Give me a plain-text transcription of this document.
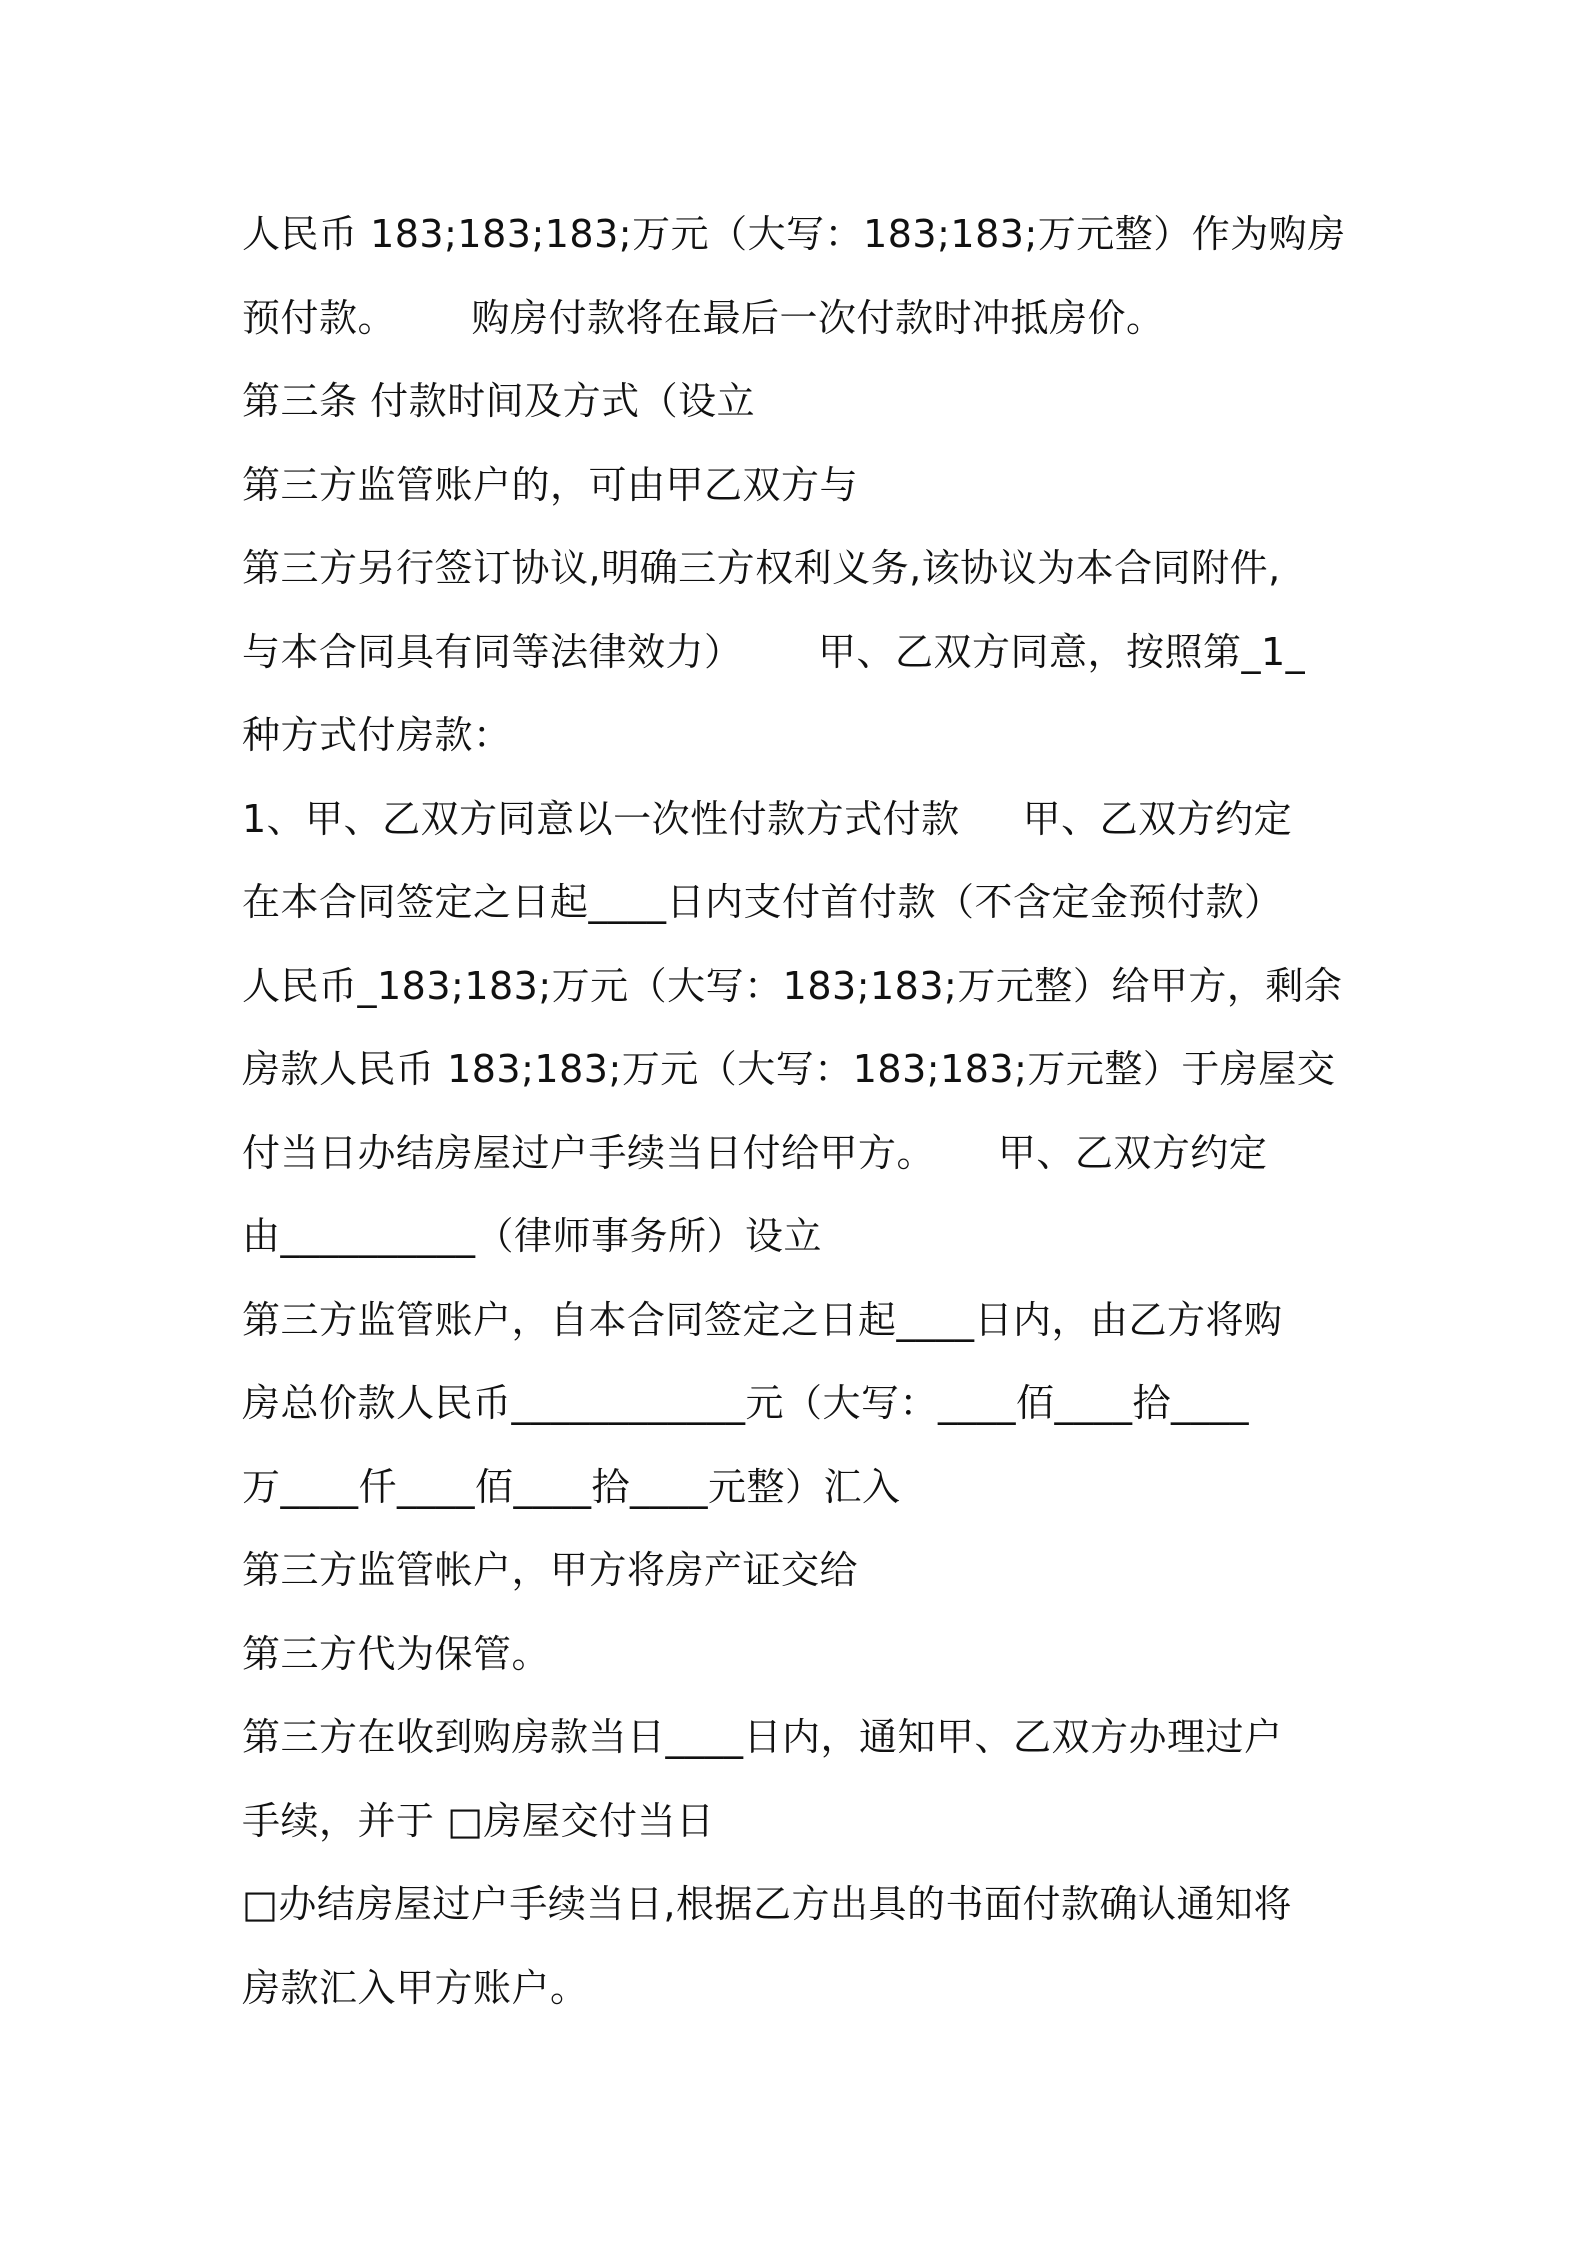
人民币 183;183;183;万元（大写：183;183;万元整）作为购房
预付款。      购房付款将在最后一次付款时冲抵房价。
第三条 付款时间及方式（设立
第三方监管账户的，可由甲乙双方与
第三方另行签订协议,明确三方权利义务,该协议为本合同附件,
与本合同具有同等法律效力）      甲、乙双方同意，按照第_1_
种方式付房款：
1、甲、乙双方同意以一次性付款方式付款     甲、乙双方约定
在本合同签定之日起____日内支付首付款（不含定金预付款）
人民币_183;183;万元（大写：183;183;万元整）给甲方，剩余
房款人民币 183;183;万元（大写：183;183;万元整）于房屋交
付当日办结房屋过户手续当日付给甲方。     甲、乙双方约定
由__________（律师事务所）设立
第三方监管账户，自本合同签定之日起____日内，由乙方将购
房总价款人民币____________元（大写：____佰____拾____
万____仟____佰____拾____元整）汇入
第三方监管帐户，甲方将房产证交给
第三方代为保管。
第三方在收到购房款当日____日内，通知甲、乙双方办理过户
手续，并于 □房屋交付当日
□办结房屋过户手续当日,根据乙方出具的书面付款确认通知将
房款汇入甲方账户。
